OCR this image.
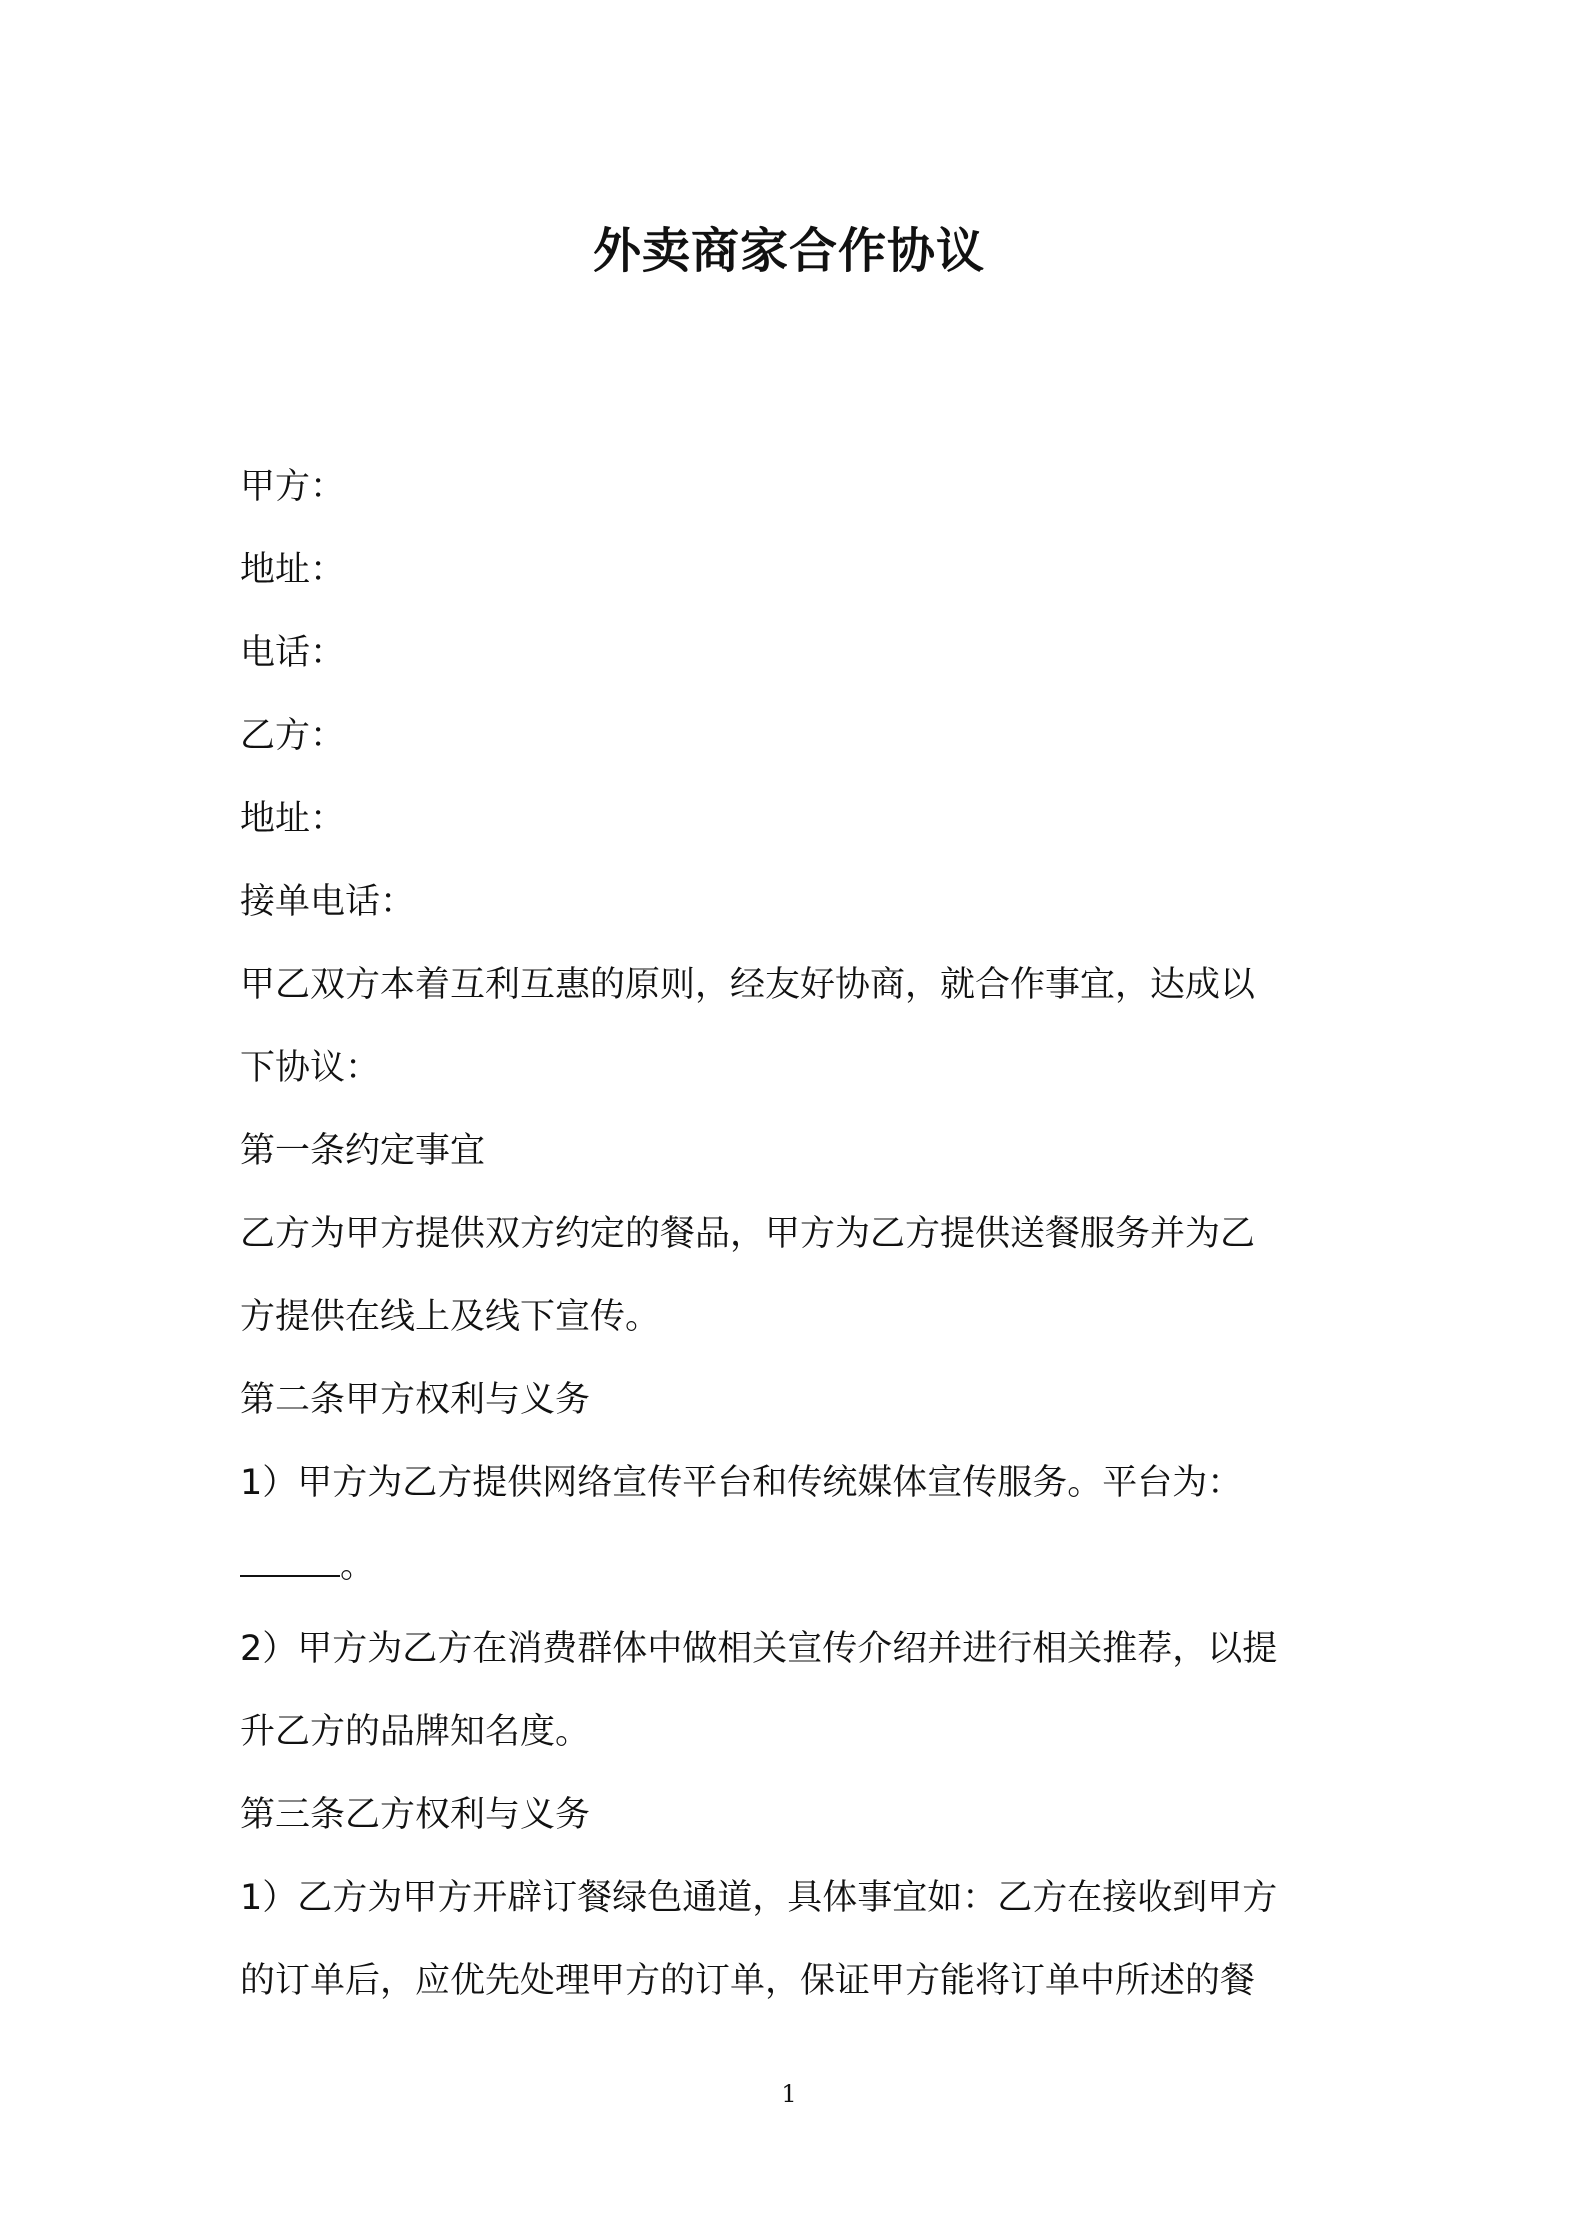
外卖商家合作协议
甲方：
地址：
电话：
乙方：
地址：
接单电话：
甲乙双方本着互利互惠的原则，经友好协商，就合作事宜，达成以
下协议：
第一条约定事宜
乙方为甲方提供双方约定的餐品，甲方为乙方提供送餐服务并为乙
方提供在线上及线下宣传。
第二条甲方权利与义务
1）甲方为乙方提供网络宣传平台和传统媒体宣传服务。平台为：
。
2）甲方为乙方在消费群体中做相关宣传介绍并进行相关推荐，以提
升乙方的品牌知名度。
第三条乙方权利与义务
1）乙方为甲方开辟订餐绿色通道，具体事宜如：乙方在接收到甲方
的订单后，应优先处理甲方的订单，保证甲方能将订单中所述的餐
1
